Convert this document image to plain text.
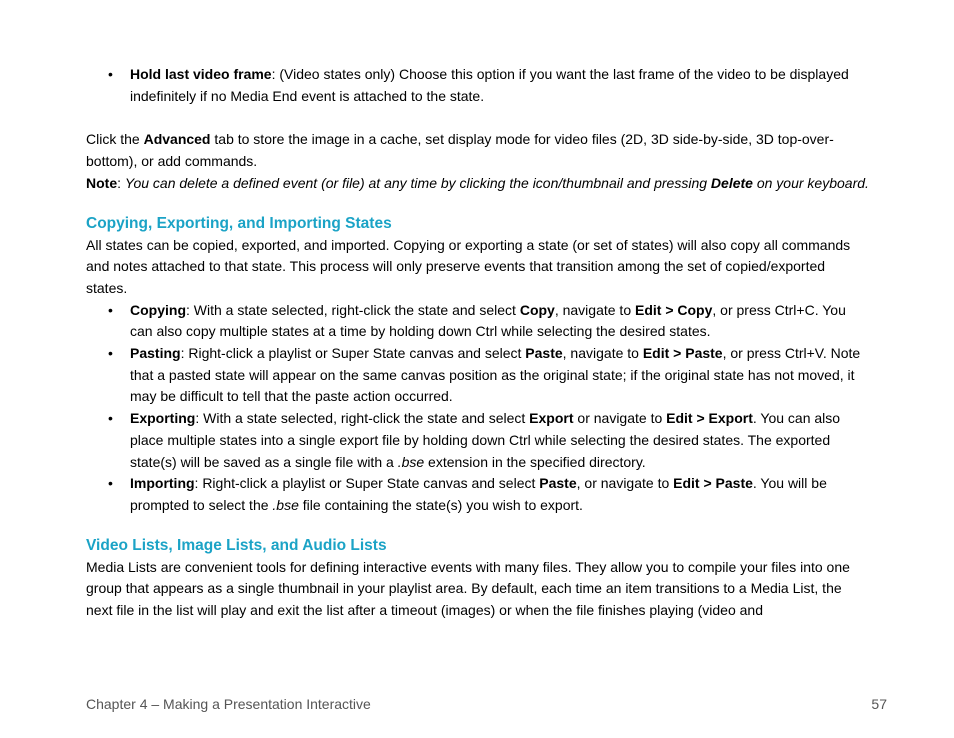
• Hold last video frame: (Video states only) Choose this option if you want the last frame of the video to be displayed indefinitely if no Media End event is attached to the state.

Click the Advanced tab to store the image in a cache, set display mode for video files (2D, 3D side-by-side, 3D top-over-bottom), or add commands.

Note: You can delete a defined event (or file) at any time by clicking the icon/thumbnail and pressing Delete on your keyboard.

Copying, Exporting, and Importing States

All states can be copied, exported, and imported. Copying or exporting a state (or set of states) will also copy all commands and notes attached to that state. This process will only preserve events that transition among the set of copied/exported states.

• Copying: With a state selected, right-click the state and select Copy, navigate to Edit > Copy, or press Ctrl+C. You can also copy multiple states at a time by holding down Ctrl while selecting the desired states.
• Pasting: Right-click a playlist or Super State canvas and select Paste, navigate to Edit > Paste, or press Ctrl+V. Note that a pasted state will appear on the same canvas position as the original state; if the original state has not moved, it may be difficult to tell that the paste action occurred.
• Exporting: With a state selected, right-click the state and select Export or navigate to Edit > Export. You can also place multiple states into a single export file by holding down Ctrl while selecting the desired states. The exported state(s) will be saved as a single file with a .bse extension in the specified directory.
• Importing: Right-click a playlist or Super State canvas and select Paste, or navigate to Edit > Paste. You will be prompted to select the .bse file containing the state(s) you wish to export.
Video Lists, Image Lists, and Audio Lists

Media Lists are convenient tools for defining interactive events with many files. They allow you to compile your files into one group that appears as a single thumbnail in your playlist area. By default, each time an item transitions to a Media List, the next file in the list will play and exit the list after a timeout (images) or when the file finishes playing (video and

Chapter 4 – Making a Presentation Interactive	57
